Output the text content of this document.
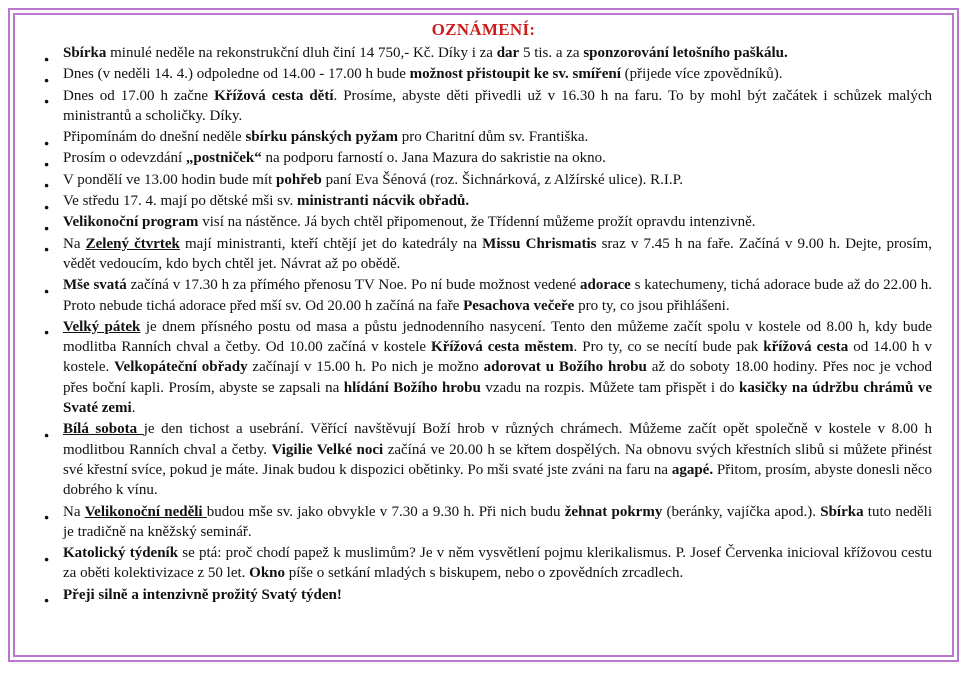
OZNÁMENÍ:
● Sbírka minulé neděle na rekonstrukční dluh činí 14 750,- Kč. Díky i za dar 5 tis. a za sponzorování letošního paškálu.
● Dnes (v neděli 14. 4.) odpoledne od 14.00 - 17.00 h bude možnost přistoupit ke sv. smíření (přijede více zpovědníků).
● Dnes od 17.00 h začne Křížová cesta dětí. Prosíme, abyste děti přivedli už v 16.30 h na faru. To by mohl být začátek i schůzek malých ministrantů a scholičky. Díky.
● Připomínám do dnešní neděle sbírku pánských pyžam pro Charitní dům sv. Františka.
● Prosím o odevzdání „postniček“ na podporu farností o. Jana Mazura do sakristie na okno.
● V pondělí ve 13.00 hodin bude mít pohřeb paní Eva Šénová (roz. Šichnárková, z Alžírské ulice). R.I.P.
● Ve středu 17. 4. mají po dětské mši sv. ministranti nácvik obřadů.
● Velikonoční program visí na nástěnce. Já bych chtěl připomenout, že Třídenní můžeme prožít opravdu intenzivně.
● Na Zelený čtvrtek mají ministranti, kteří chtějí jet do katedrály na Missu Chrismatis sraz v 7.45 h na faře. Začíná v 9.00 h. Dejte, prosím, vědět vedoucím, kdo bych chtěl jet. Návrat až po obědě.
● Mše svatá začíná v 17.30 h za přímého přenosu TV Noe. Po ní bude možnost vedené adorace s katechumeny, tichá adorace bude až do 22.00 h. Proto nebude tichá adorace před mší sv. Od 20.00 h začíná na faře Pesachova večeře pro ty, co jsou přihlášeni.
● Velký pátek je dnem přísného postu od masa a půstu jednodenního nasycení. Tento den můžeme začít spolu v kostele od 8.00 h, kdy bude modlitba Ranních chval a četby. Od 10.00 začíná v kostele Křížová cesta městem. Pro ty, co se necítí bude pak křížová cesta od 14.00 h v kostele. Velkopáteční obřady začínají v 15.00 h. Po nich je možno adorovat u Božího hrobu až do soboty 18.00 hodiny. Přes noc je vchod přes boční kapli. Prosím, abyste se zapsali na hlídání Božího hrobu vzadu na rozpis. Můžete tam přispět i do kasičky na údržbu chrámů ve Svaté zemi.
● Bílá sobota je den tichost a usebrání. Věřící navštěvují Boží hrob v různých chrámech. Můžeme začít opět společně v kostele v 8.00 h modlitbou Ranních chval a četby. Vigilie Velké noci začíná ve 20.00 h se křtem dospělých. Na obnovu svých křestních slibů si můžete přinést své křestní svíce, pokud je máte. Jinak budou k dispozici obětinky. Po mši svaté jste zváni na faru na agapé. Přitom, prosím, abyste donesli něco dobrého k vínu.
● Na Velikonoční neděli budou mše sv. jako obvykle v 7.30 a 9.30 h. Při nich budu žehnat pokrmy (beránky, vajíčka apod.). Sbírka tuto neděli je tradičně na kněžský seminář.
● Katolický týdeník se ptá: proč chodí papež k muslimům? Je v něm vysvětlení pojmu klerikalismus. P. Josef Červenka inicioval křížovou cestu za oběti kolektivizace z 50 let. Okno píše o setkání mladých s biskupem, nebo o zpovědních zrcadlech.
● Přeji silně a intenzivně prožitý Svatý týden!
